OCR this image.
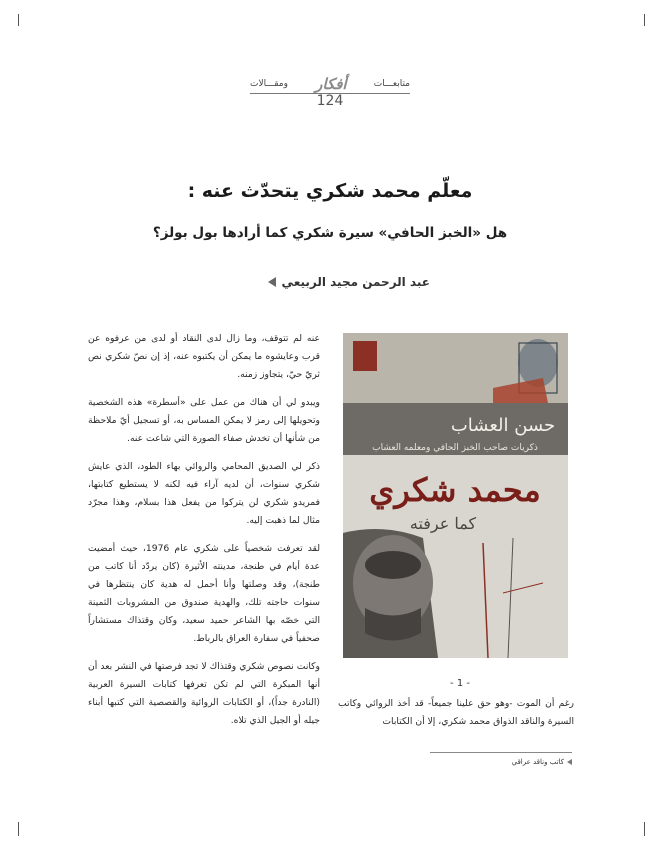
متابعـــات
أفكار
ومقـــالات
124
معلّم محمد شكري يتحدّث عنه :
هل «الخبز الحافي» سيرة شكري كما أرادها بول بولز؟
عبد الرحمن مجيد الربيعي

عنه لم تتوقف، وما زال لدى النقاد أو لدى من عرفوه عن قرب وعايشوه ما يمكن أن يكتبوه عنه، إذ إن نصّ شكري نص ثريّ حيّ، يتجاوز زمنه.

ويبدو لي أن هناك من عمل على «أسطرة» هذه الشخصية وتحويلها إلى رمز لا يمكن المساس به، أو تسجيل أيّ ملاحظة من شأنها أن تخدش صفاء الصورة التي شاعت عنه.

ذكر لي الصديق المحامي والروائي بهاء الطود، الذي عايش شكري سنوات، أن لديه آراء فيه لكنه لا يستطيع كتابتها، فمريدو شكري لن يتركوا من يفعل هذا بسلام، وهذا مجرّد مثال لما ذهبت إليه.

لقد تعرفت شخصياً على شكري عام 1976، حيث أمضيت عدة أيام في طنجة، مدينته الأثيرة (كان يردّد أنا كاتب من طنجة)، وقد وصلتها وأنا أحمل له هدية كان ينتظرها في سنوات حاجته تلك، والهدية صندوق من المشروبات الثمينة التي خصّه بها الشاعر حميد سعيد، وكان وقتذاك مستشاراً صحفياً في سفارة العراق بالرباط.

وكانت نصوص شكري وقتذاك لا تجد فرصتها في النشر بعد أن أنها المبكرة التي لم تكن تعرفها كتابات السيرة العربية (النادرة جداً)، أو الكتابات الروائية والقصصية التي كتبها أبناء جيله أو الجيل الذي تلاه.

حسن العشاب
ذكريات صاحب الخبز الحافي ومعلمه العشاب
محمد شكري
كما عرفته
- 1 -

رغم أن الموت -وهو حق علينا جميعاً- قد أخذ الروائي وكاتب السيرة والناقد الذواق محمد شكري، إلا أن الكتابات

كاتب وناقد عراقي
